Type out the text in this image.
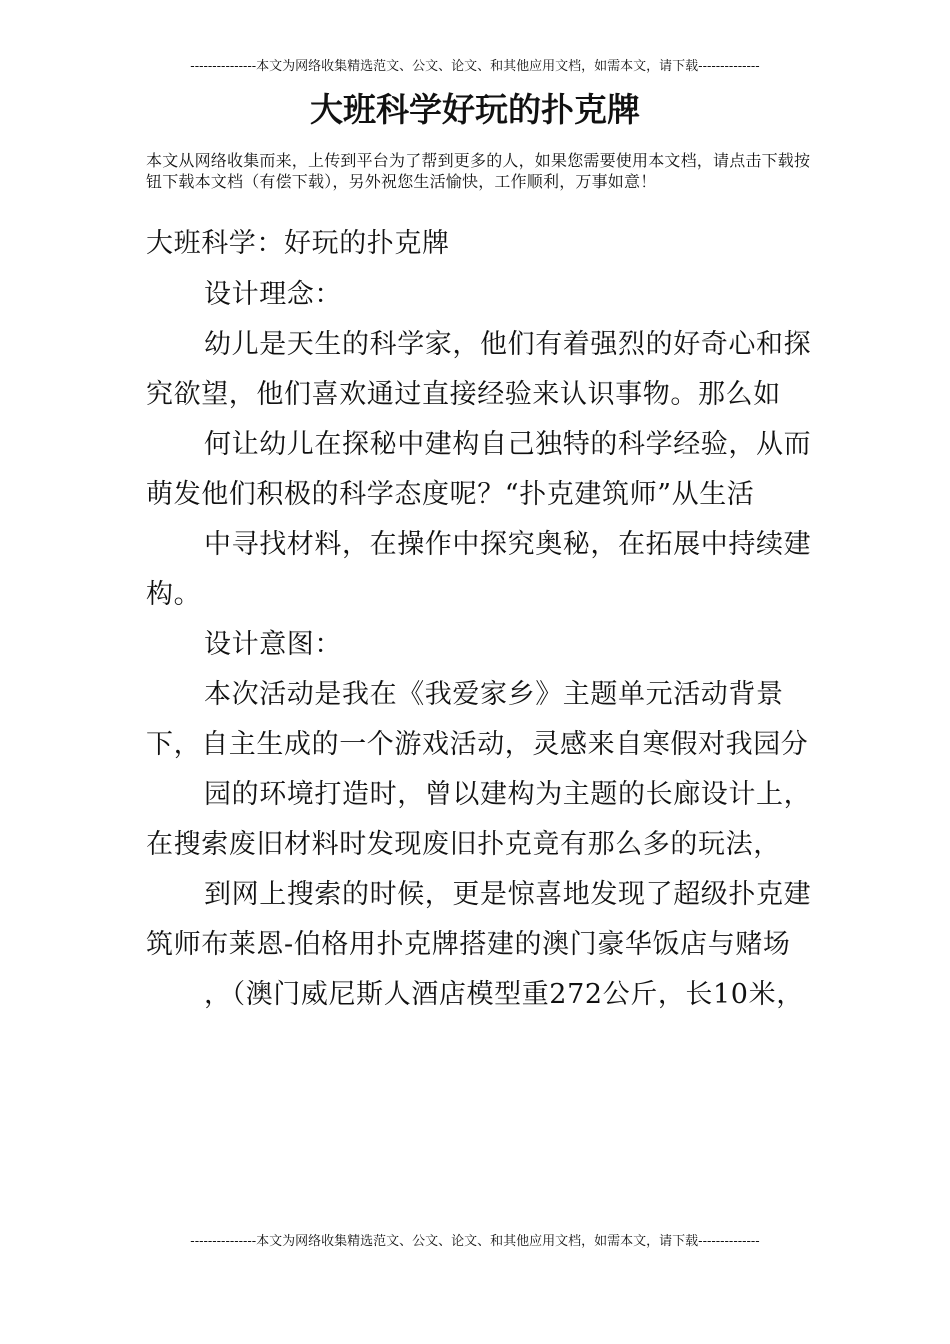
---------------本文为网络收集精选范文、公文、论文、和其他应用文档，如需本文，请下载--------------
大班科学好玩的扑克牌
本文从网络收集而来，上传到平台为了帮到更多的人，如果您需要使用本文档，请点击下载按钮下载本文档（有偿下载），另外祝您生活愉快，工作顺利，万事如意！

大班科学：好玩的扑克牌

设计理念：

幼儿是天生的科学家，他们有着强烈的好奇心和探究欲望，他们喜欢通过直接经验来认识事物。那么如

何让幼儿在探秘中建构自己独特的科学经验，从而萌发他们积极的科学态度呢？“扑克建筑师”从生活

中寻找材料，在操作中探究奥秘，在拓展中持续建构。

设计意图：

本次活动是我在《我爱家乡》主题单元活动背景下，自主生成的一个游戏活动，灵感来自寒假对我园分

园的环境打造时，曾以建构为主题的长廊设计上，在搜索废旧材料时发现废旧扑克竟有那么多的玩法，

到网上搜索的时候，更是惊喜地发现了超级扑克建筑师布莱恩-伯格用扑克牌搭建的澳门豪华饭店与赌场

，（澳门威尼斯人酒店模型重272公斤，长10米，

---------------本文为网络收集精选范文、公文、论文、和其他应用文档，如需本文，请下载--------------
